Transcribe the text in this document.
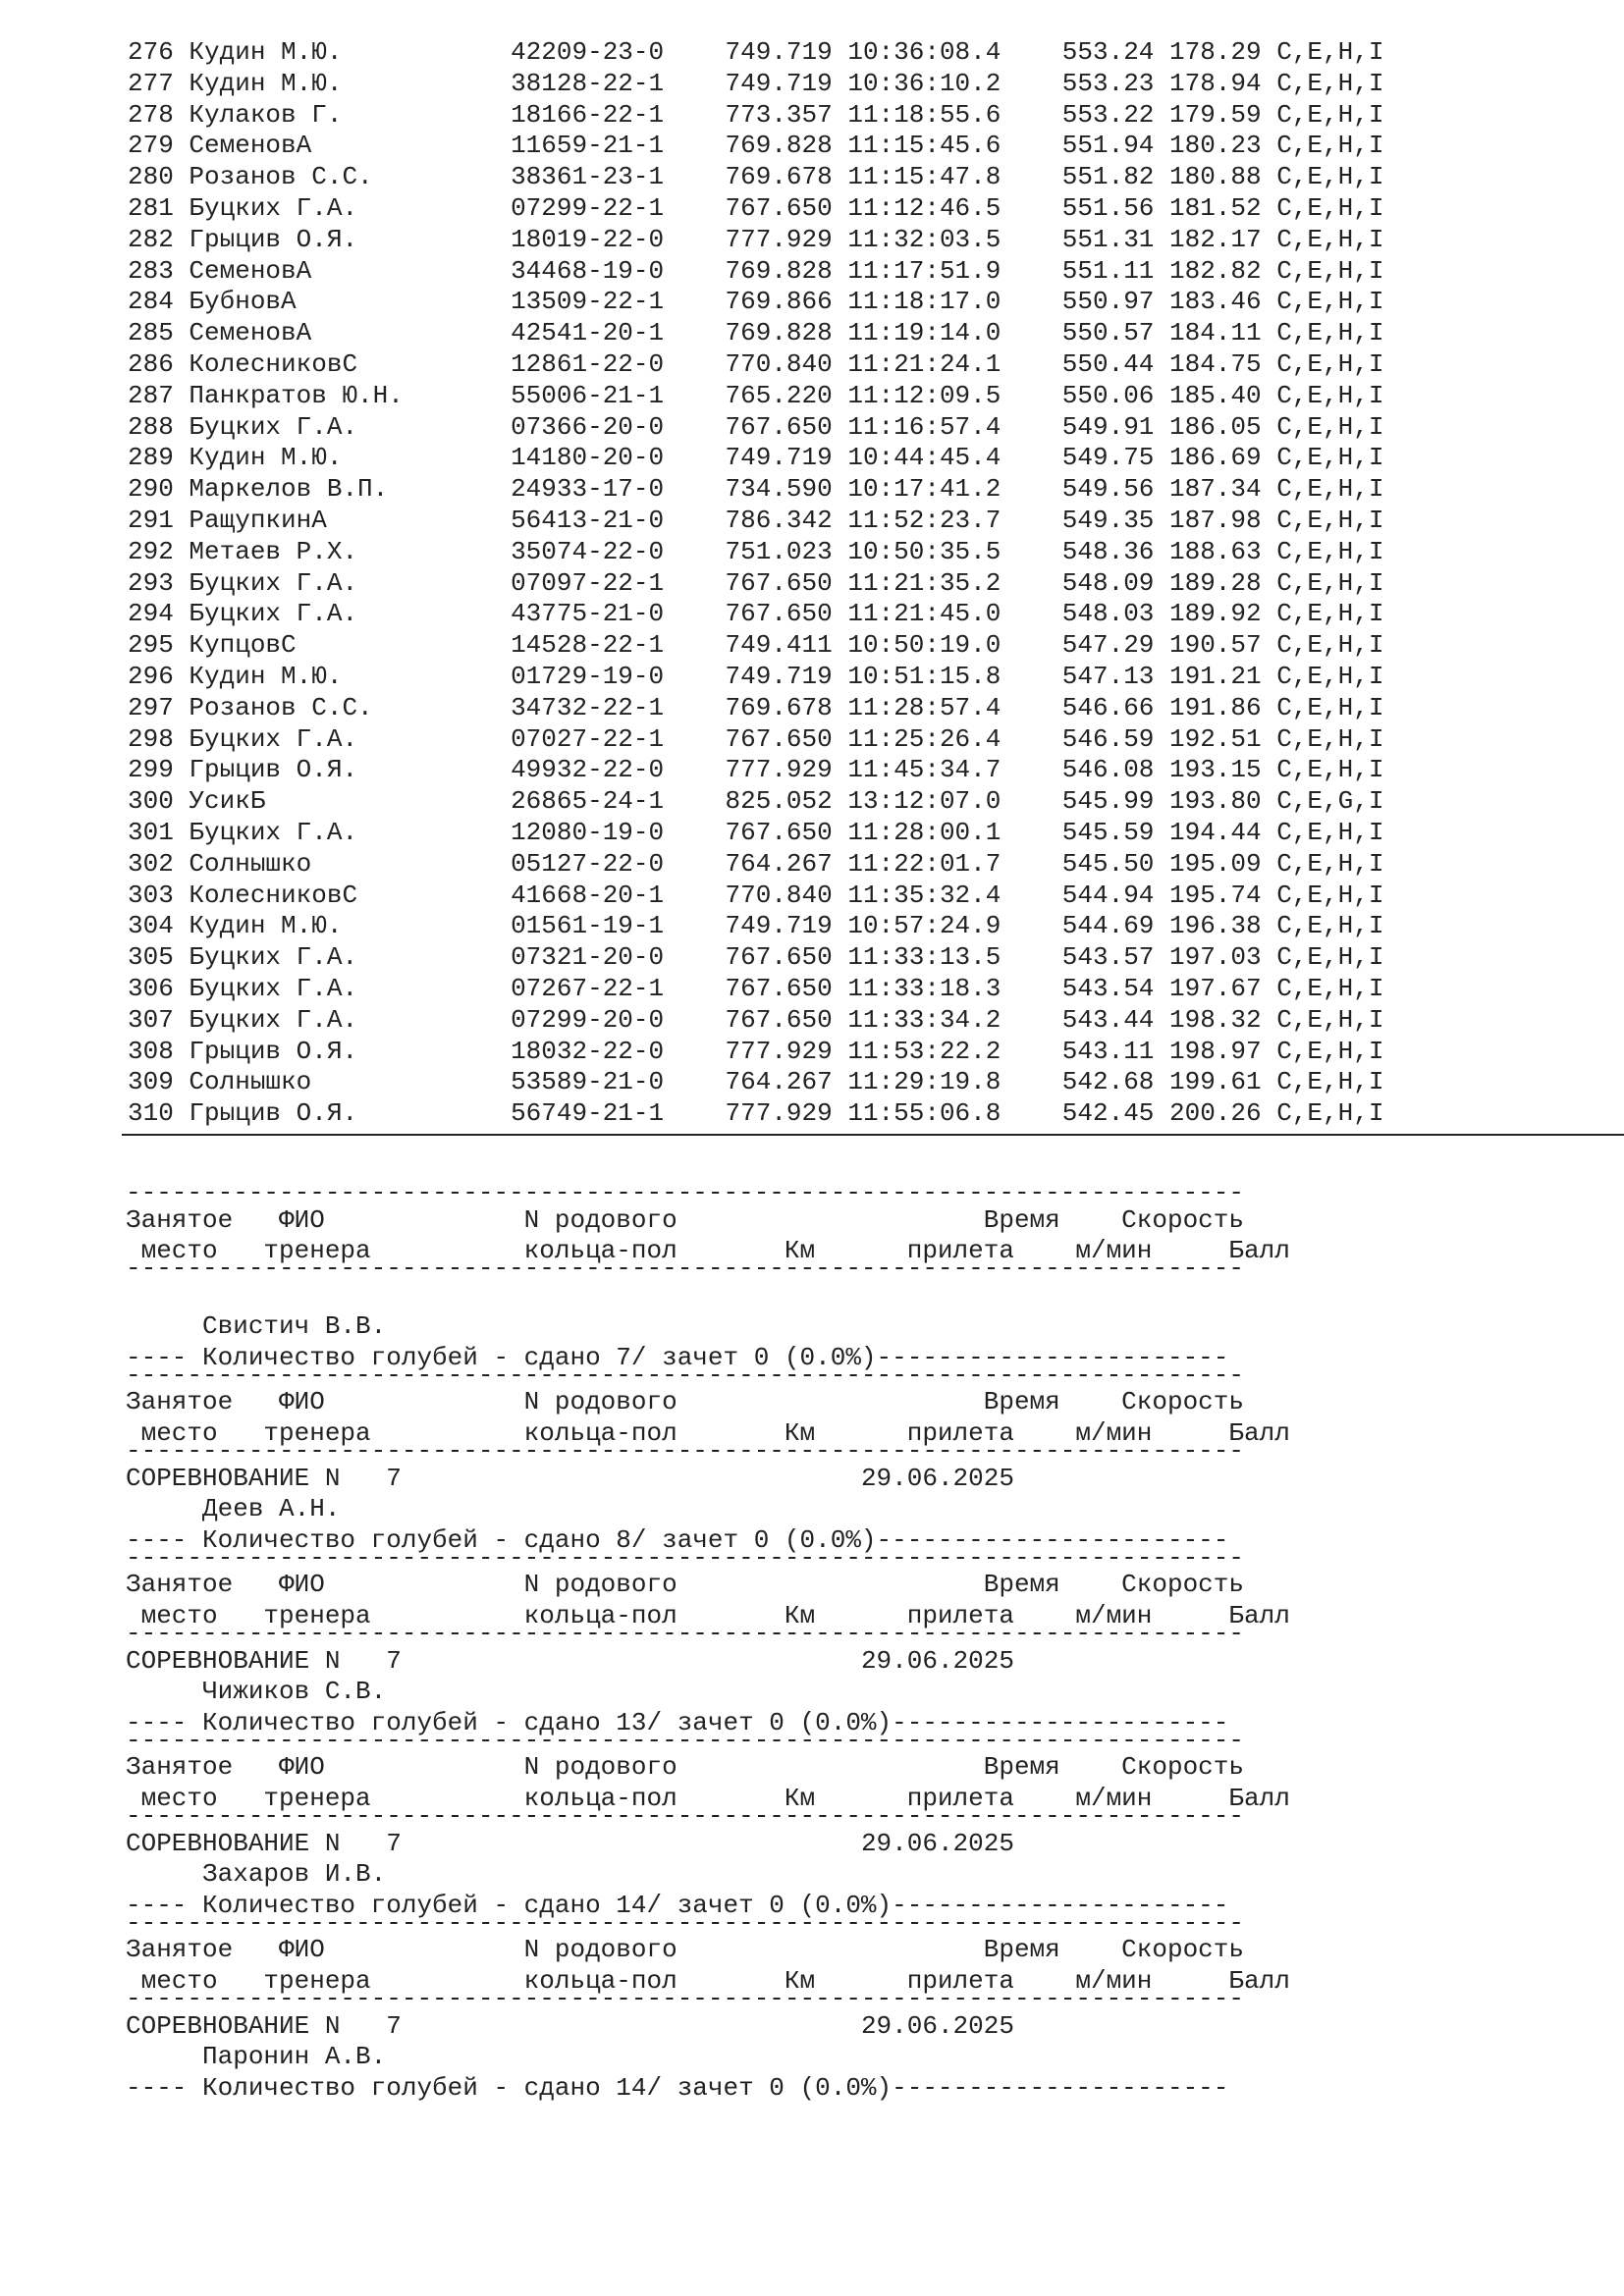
276 Кудин М.Ю.           42209-23-0    749.719 10:36:08.4    553.24 178.29 C,E,H,I
277 Кудин М.Ю.           38128-22-1    749.719 10:36:10.2    553.23 178.94 C,E,H,I
278 Кулаков Г.           18166-22-1    773.357 11:18:55.6    553.22 179.59 C,E,H,I
279 СеменовА             11659-21-1    769.828 11:15:45.6    551.94 180.23 C,E,H,I
280 Розанов С.С.         38361-23-1    769.678 11:15:47.8    551.82 180.88 C,E,H,I
281 Буцких Г.А.          07299-22-1    767.650 11:12:46.5    551.56 181.52 C,E,H,I
282 Грыцив О.Я.          18019-22-0    777.929 11:32:03.5    551.31 182.17 C,E,H,I
283 СеменовА             34468-19-0    769.828 11:17:51.9    551.11 182.82 C,E,H,I
284 БубновА              13509-22-1    769.866 11:18:17.0    550.97 183.46 C,E,H,I
285 СеменовА             42541-20-1    769.828 11:19:14.0    550.57 184.11 C,E,H,I
286 КолесниковС          12861-22-0    770.840 11:21:24.1    550.44 184.75 C,E,H,I
287 Панкратов Ю.Н.       55006-21-1    765.220 11:12:09.5    550.06 185.40 C,E,H,I
288 Буцких Г.А.          07366-20-0    767.650 11:16:57.4    549.91 186.05 C,E,H,I
289 Кудин М.Ю.           14180-20-0    749.719 10:44:45.4    549.75 186.69 C,E,H,I
290 Маркелов В.П.        24933-17-0    734.590 10:17:41.2    549.56 187.34 C,E,H,I
291 РащупкинА            56413-21-0    786.342 11:52:23.7    549.35 187.98 C,E,H,I
292 Метаев Р.Х.          35074-22-0    751.023 10:50:35.5    548.36 188.63 C,E,H,I
293 Буцких Г.А.          07097-22-1    767.650 11:21:35.2    548.09 189.28 C,E,H,I
294 Буцких Г.А.          43775-21-0    767.650 11:21:45.0    548.03 189.92 C,E,H,I
295 КупцовС              14528-22-1    749.411 10:50:19.0    547.29 190.57 C,E,H,I
296 Кудин М.Ю.           01729-19-0    749.719 10:51:15.8    547.13 191.21 C,E,H,I
297 Розанов С.С.         34732-22-1    769.678 11:28:57.4    546.66 191.86 C,E,H,I
298 Буцких Г.А.          07027-22-1    767.650 11:25:26.4    546.59 192.51 C,E,H,I
299 Грыцив О.Я.          49932-22-0    777.929 11:45:34.7    546.08 193.15 C,E,H,I
300 УсикБ                26865-24-1    825.052 13:12:07.0    545.99 193.80 C,E,G,I
301 Буцких Г.А.          12080-19-0    767.650 11:28:00.1    545.59 194.44 C,E,H,I
302 Солнышко             05127-22-0    764.267 11:22:01.7    545.50 195.09 C,E,H,I
303 КолесниковС          41668-20-1    770.840 11:35:32.4    544.94 195.74 C,E,H,I
304 Кудин М.Ю.           01561-19-1    749.719 10:57:24.9    544.69 196.38 C,E,H,I
305 Буцких Г.А.          07321-20-0    767.650 11:33:13.5    543.57 197.03 C,E,H,I
306 Буцких Г.А.          07267-22-1    767.650 11:33:18.3    543.54 197.67 C,E,H,I
307 Буцких Г.А.          07299-20-0    767.650 11:33:34.2    543.44 198.32 C,E,H,I
308 Грыцив О.Я.          18032-22-0    777.929 11:53:22.2    543.11 198.97 C,E,H,I
309 Солнышко             53589-21-0    764.267 11:29:19.8    542.68 199.61 C,E,H,I
310 Грыцив О.Я.          56749-21-1    777.929 11:55:06.8    542.45 200.26 C,E,H,I
Занятое   ФИО             N родового                    Время    Скорость
место   тренера          кольца-пол       Км      прилета    м/мин     Балл

Свистич В.В.
---- Количество голубей - сдано 7/ зачет 0 (0.0%)-----------------------
Занятое   ФИО             N родового                    Время    Скорость
место   тренера          кольца-пол       Км      прилета    м/мин     Балл
СОРЕВНОВАНИЕ N   7	29.06.2025
Деев А.Н.
---- Количество голубей - сдано 8/ зачет 0 (0.0%)-----------------------
Занятое   ФИО             N родового                    Время    Скорость
место   тренера          кольца-пол       Км      прилета    м/мин     Балл
СОРЕВНОВАНИЕ N   7	29.06.2025
Чижиков С.В.
---- Количество голубей - сдано 13/ зачет 0 (0.0%)----------------------
Занятое   ФИО             N родового                    Время    Скорость
место   тренера          кольца-пол       Км      прилета    м/мин     Балл
СОРЕВНОВАНИЕ N   7	29.06.2025
Захаров И.В.
---- Количество голубей - сдано 14/ зачет 0 (0.0%)----------------------
Занятое   ФИО             N родового                    Время    Скорость
место   тренера          кольца-пол       Км      прилета    м/мин     Балл
СОРЕВНОВАНИЕ N   7	29.06.2025
Паронин А.В.
---- Количество голубей - сдано 14/ зачет 0 (0.0%)----------------------
